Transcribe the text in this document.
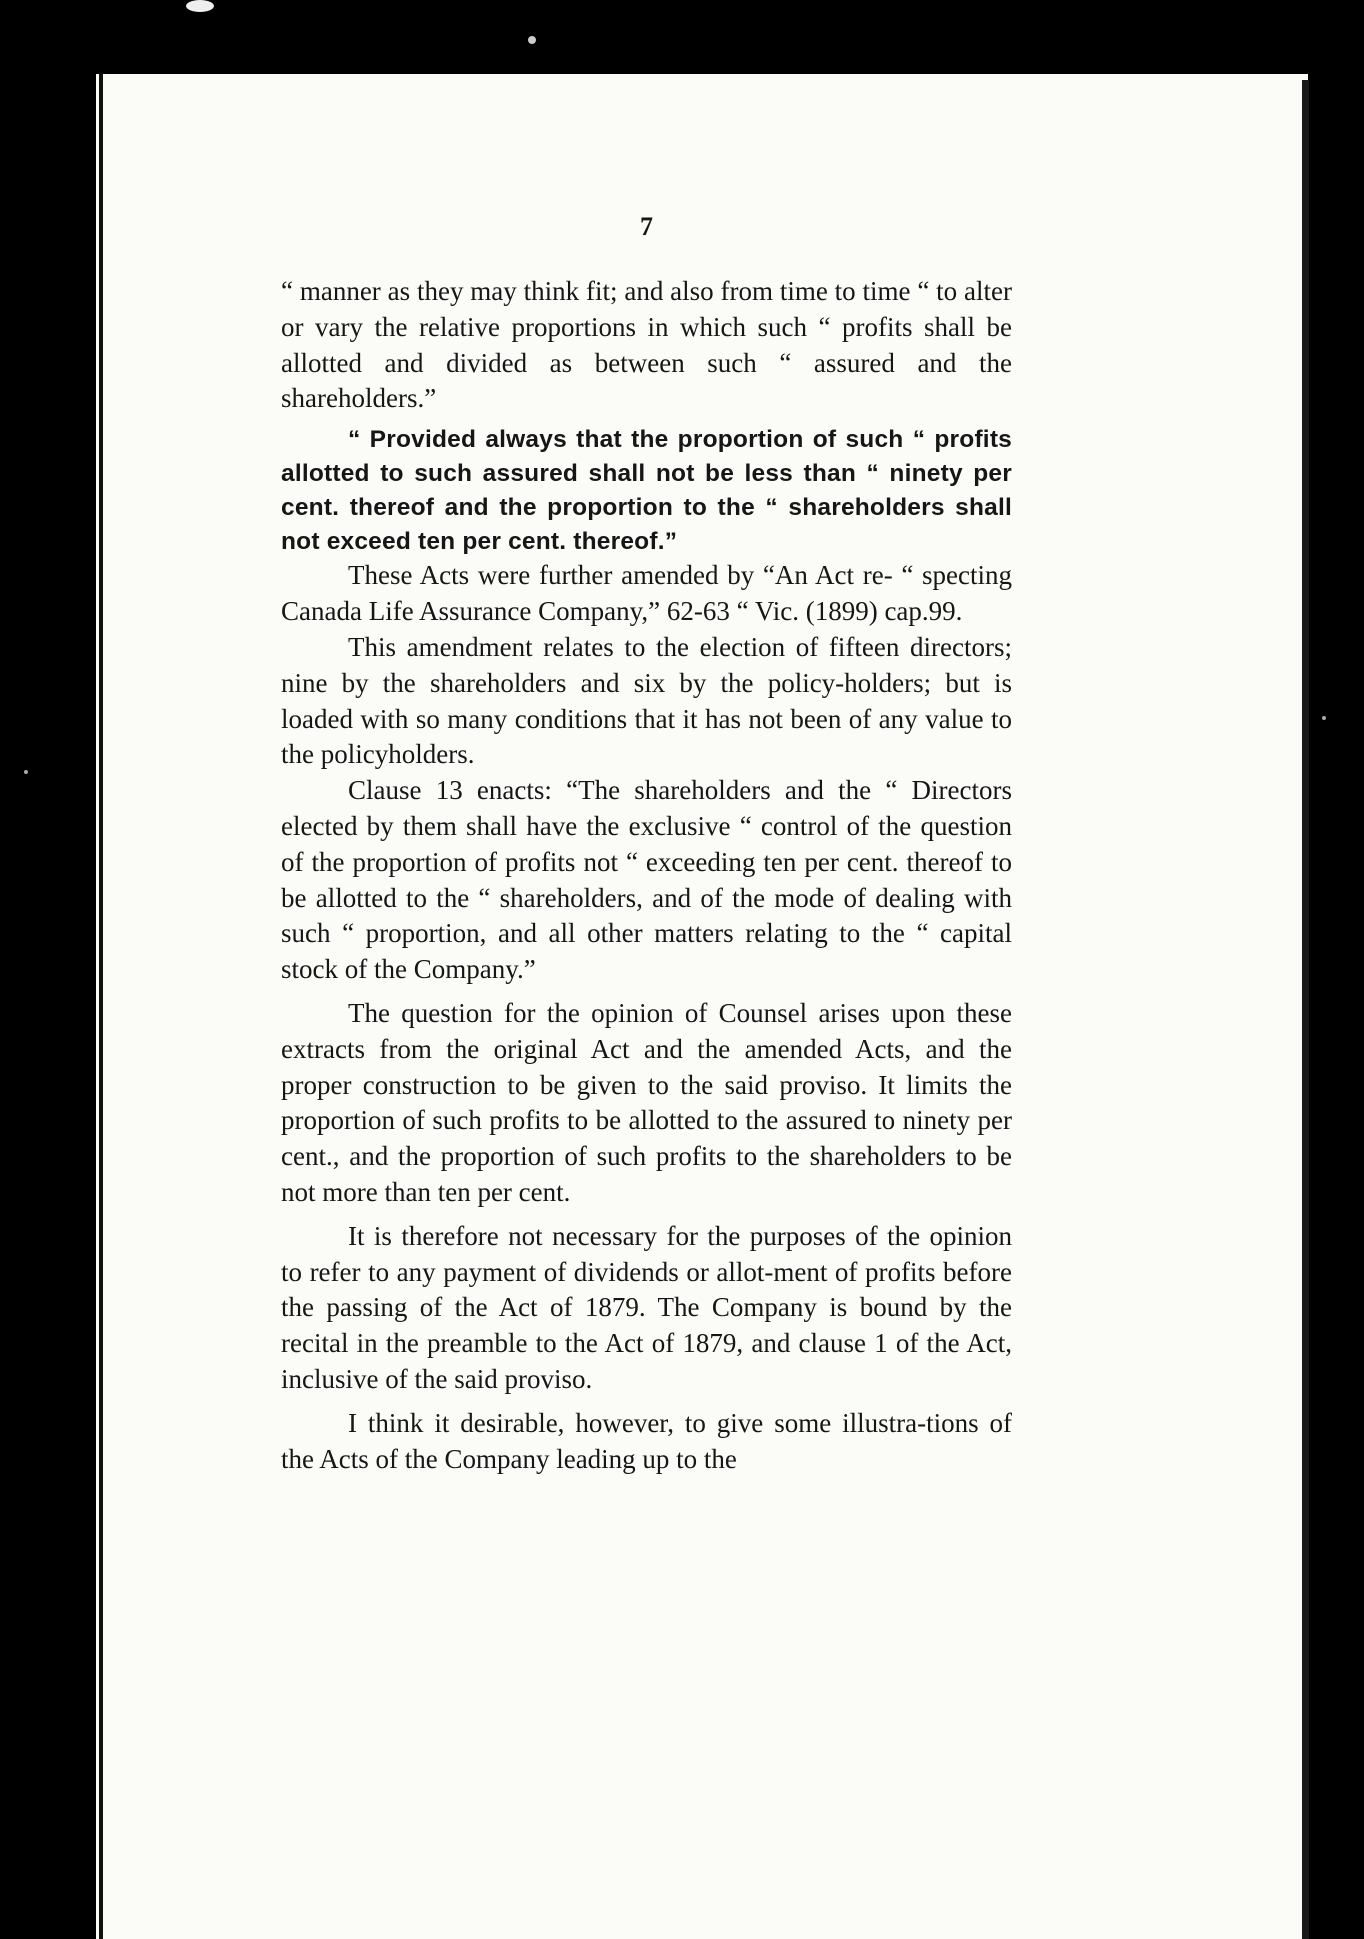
7

“ manner as they may think fit; and also from time to time “ to alter or vary the relative proportions in which such “ profits shall be allotted and divided as between such “ assured and the shareholders.”

“ Provided always that the proportion of such “ profits allotted to such assured shall not be less than “ ninety per cent. thereof and the proportion to the “ shareholders shall not exceed ten per cent. thereof.”

These Acts were further amended by “An Act re- “ specting Canada Life Assurance Company,” 62-63 “ Vic. (1899) cap.99.

This amendment relates to the election of fifteen directors; nine by the shareholders and six by the policy-holders; but is loaded with so many conditions that it has not been of any value to the policyholders.

Clause 13 enacts: “The shareholders and the “ Directors elected by them shall have the exclusive “ control of the question of the proportion of profits not “ exceeding ten per cent. thereof to be allotted to the “ shareholders, and of the mode of dealing with such “ proportion, and all other matters relating to the “ capital stock of the Company.”

The question for the opinion of Counsel arises upon these extracts from the original Act and the amended Acts, and the proper construction to be given to the said proviso. It limits the proportion of such profits to be allotted to the assured to ninety per cent., and the proportion of such profits to the shareholders to be not more than ten per cent.

It is therefore not necessary for the purposes of the opinion to refer to any payment of dividends or allot-ment of profits before the passing of the Act of 1879. The Company is bound by the recital in the preamble to the Act of 1879, and clause 1 of the Act, inclusive of the said proviso.

I think it desirable, however, to give some illustra-tions of the Acts of the Company leading up to the
